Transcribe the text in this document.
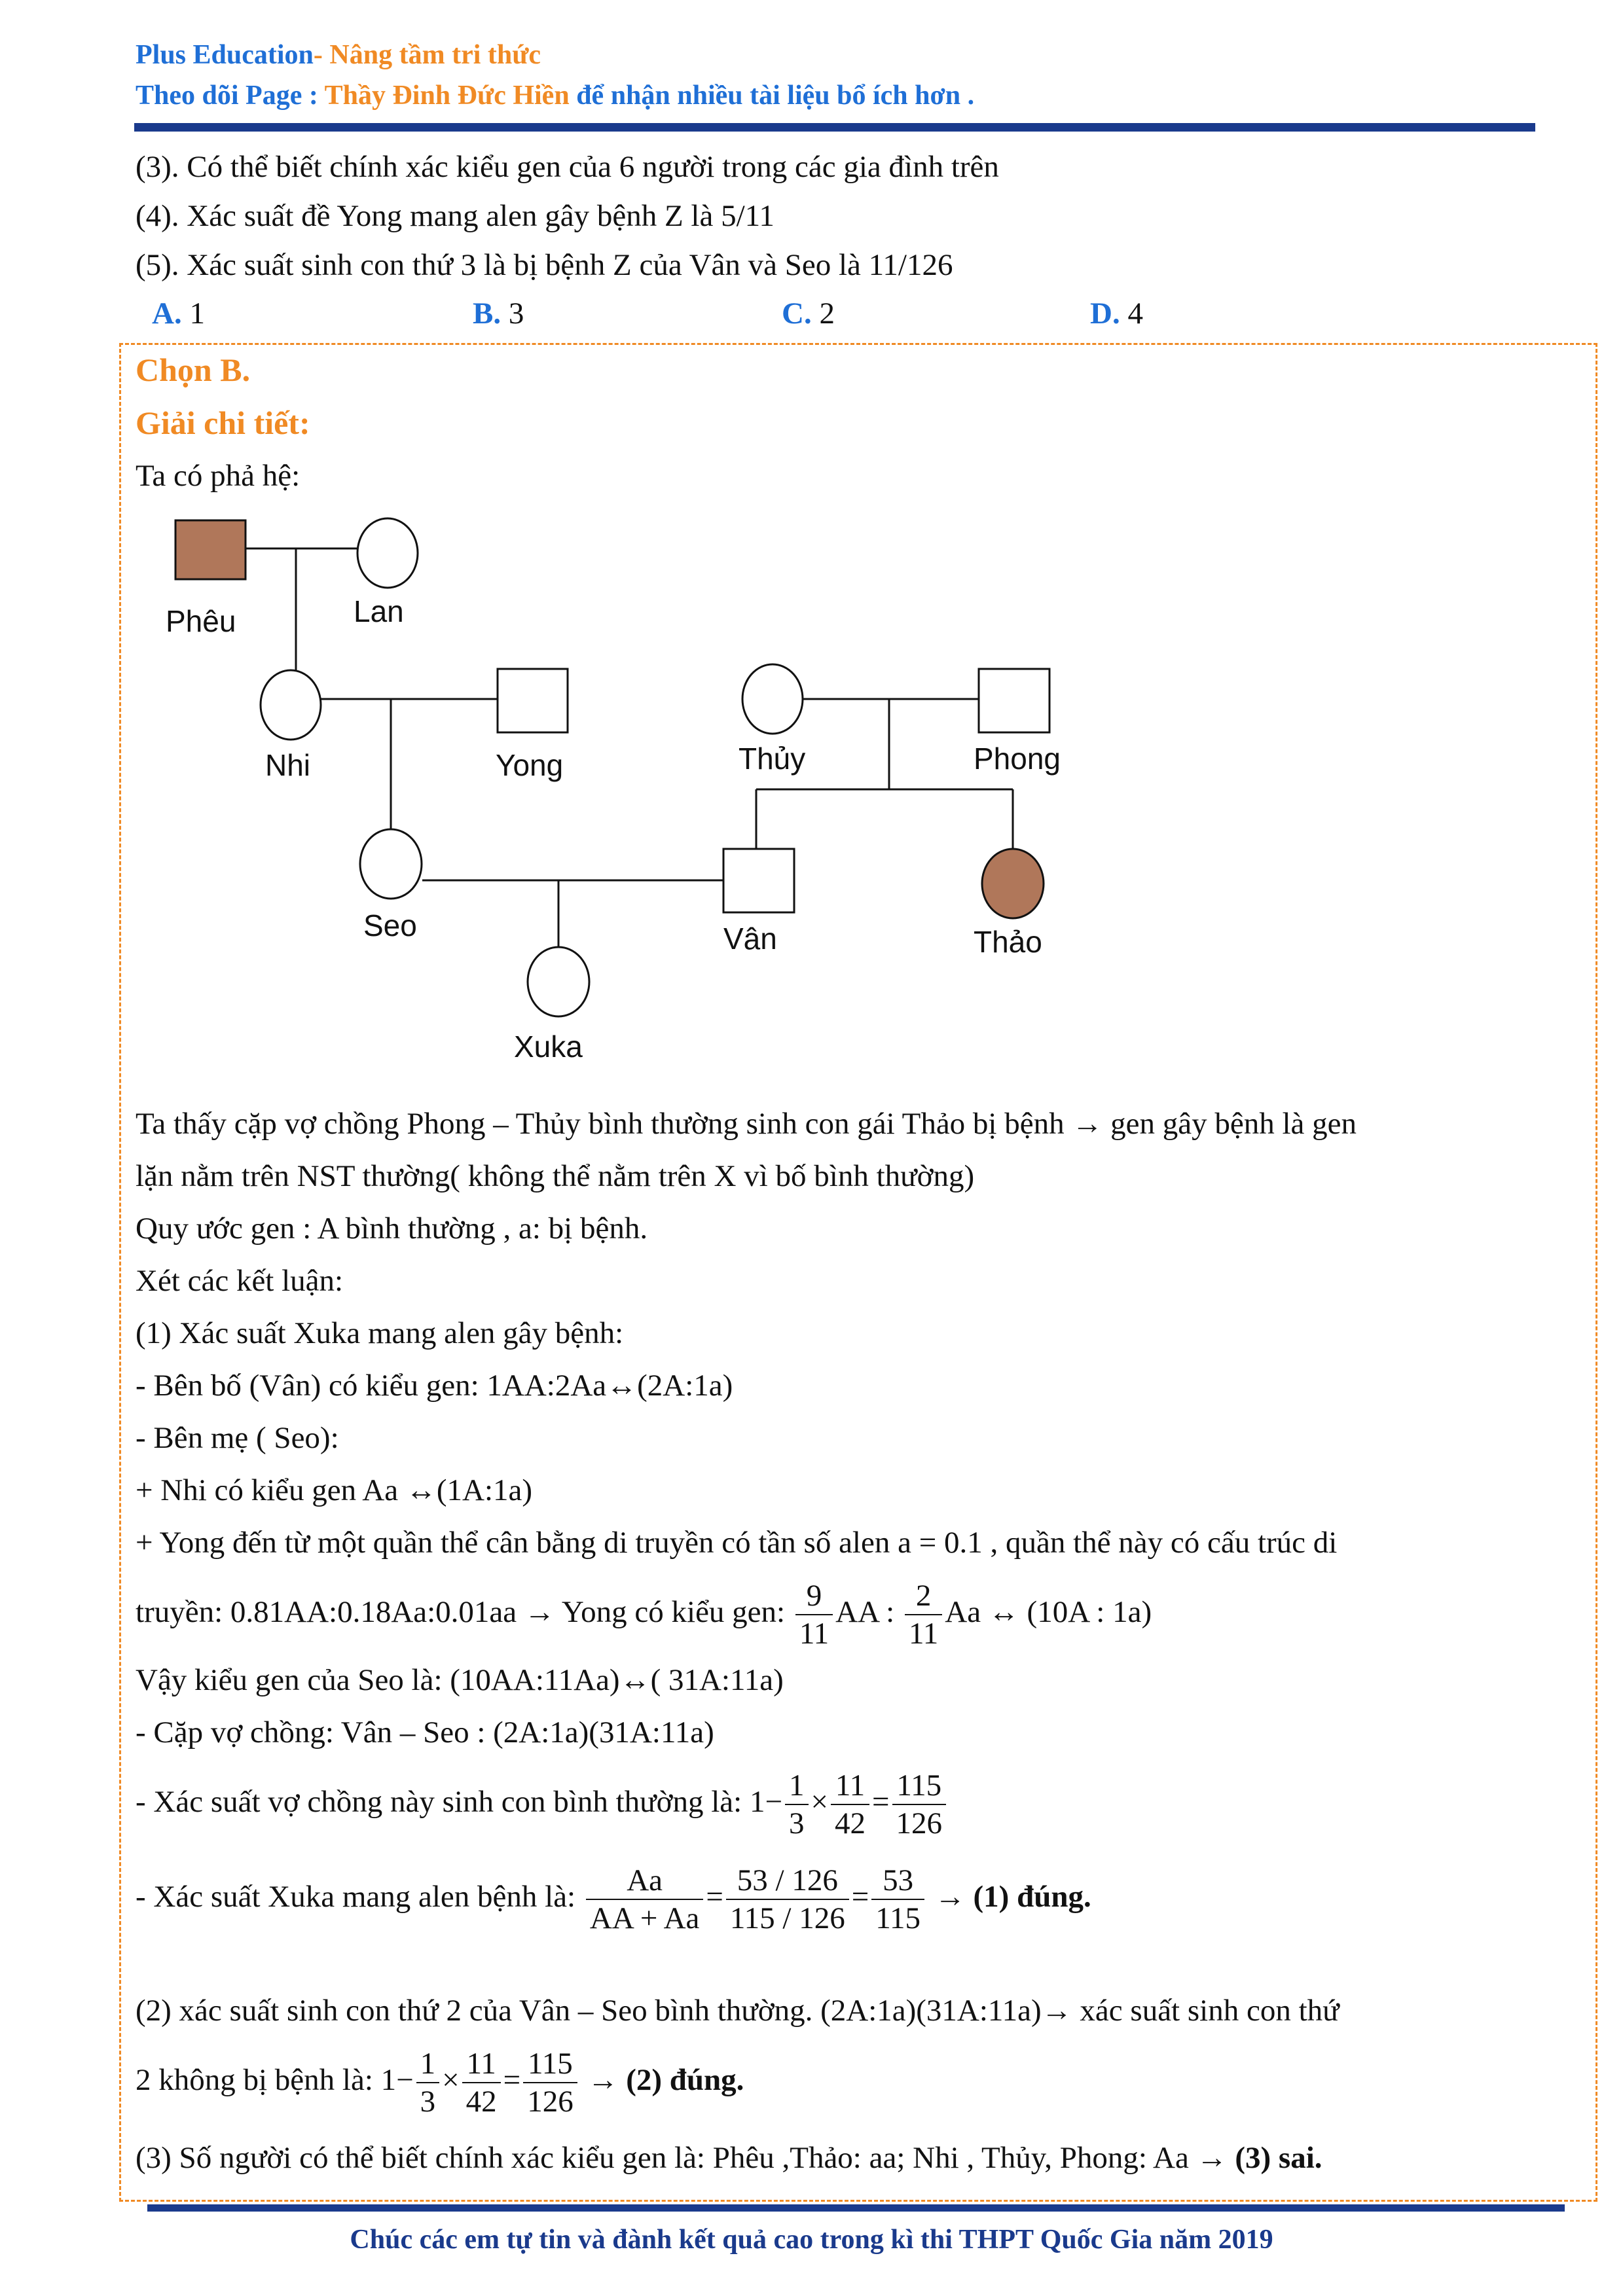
Plus Education- Nâng tầm tri thức
Theo dõi Page : Thầy Đinh Đức Hiền để nhận nhiều tài liệu bổ ích hơn .
(3). Có thể biết chính xác kiểu gen của 6 người trong các gia đình trên
(4). Xác suất đề Yong mang alen gây bệnh Z là 5/11
(5). Xác suất sinh con thứ 3 là bị bệnh Z của Vân và Seo là 11/126
A. 1	B. 3	C. 2	D. 4
Chọn B.
Giải chi tiết:
Ta có phả hệ:
Phêu	Lan
Nhi	Yong	Thủy	Phong
Seo	Vân	Thảo
Xuka
Ta thấy cặp vợ chồng Phong – Thủy bình thường sinh con gái Thảo bị bệnh → gen gây bệnh là gen
lặn nằm trên NST thường( không thể nằm trên X vì bố bình thường)
Quy ước gen : A bình thường , a: bị bệnh.
Xét các kết luận:
(1) Xác suất Xuka mang alen gây bệnh:
- Bên bố (Vân) có kiểu gen: 1AA:2Aa↔(2A:1a)
- Bên mẹ ( Seo):
+ Nhi có kiểu gen Aa ↔(1A:1a)
+ Yong đến từ một quần thể cân bằng di truyền có tần số alen a = 0.1 , quần thể này có cấu trúc di
truyền: 0.81AA:0.18Aa:0.01aa → Yong có kiểu gen: $\frac{9}{11}$ AA : $\frac{2}{11}$ Aa ↔ (10A : 1a)
Vậy kiểu gen của Seo là: (10AA:11Aa)↔( 31A:11a)
- Cặp vợ chồng: Vân – Seo : (2A:1a)(31A:11a)
- Xác suất vợ chồng này sinh con bình thường là: $1- \frac{1}{3} \times \frac{11}{42} = \frac{115}{126}$
- Xác suất Xuka mang alen bệnh là: $\frac{Aa}{AA + Aa} = \frac{53 / 126}{115 / 126} = \frac{53}{115} \to (1)$ đúng.
(2) xác suất sinh con thứ 2 của Vân – Seo bình thường. (2A:1a)(31A:11a)→ xác suất sinh con thứ
2 không bị bệnh là: $1- \frac{1}{3} \times \frac{11}{42} = \frac{115}{126} \to (2)$ đúng.
(3) Số người có thể biết chính xác kiểu gen là: Phêu ,Thảo: aa; Nhi , Thủy, Phong: Aa → (3) sai.
Chúc các em tự tin và đành kết quả cao trong kì thi THPT Quốc Gia năm 2019
